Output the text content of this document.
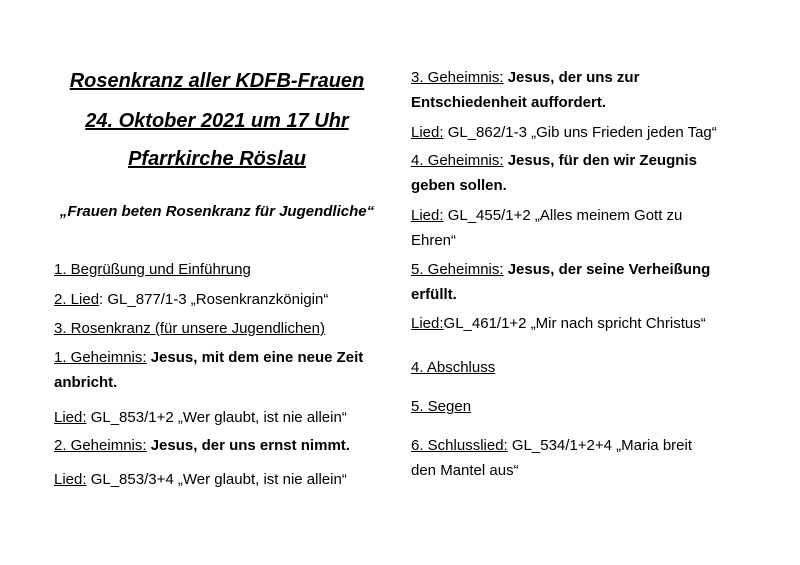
Rosenkranz aller KDFB-Frauen
24. Oktober 2021 um 17 Uhr
Pfarrkirche Röslau
„Frauen beten Rosenkranz für Jugendliche“
1. Begrüßung und Einführung
2. Lied: GL_877/1-3 „Rosenkranzkönigin“
3. Rosenkranz (für unsere Jugendlichen)
1. Geheimnis: Jesus, mit dem eine neue Zeit
anbricht.
Lied: GL_853/1+2 „Wer glaubt, ist nie allein“
2. Geheimnis: Jesus, der uns ernst nimmt.
Lied: GL_853/3+4 „Wer glaubt, ist nie allein“
3. Geheimnis: Jesus, der uns zur
Entschiedenheit auffordert.
Lied: GL_862/1-3 „Gib uns Frieden jeden Tag“
4. Geheimnis: Jesus, für den wir Zeugnis
geben sollen.
Lied: GL_455/1+2 „Alles meinem Gott zu
Ehren“
5. Geheimnis: Jesus, der seine Verheißung
erfüllt.
Lied:GL_461/1+2 „Mir nach spricht Christus“
4. Abschluss
5. Segen
6. Schlusslied: GL_534/1+2+4 „Maria breit
den Mantel aus“
